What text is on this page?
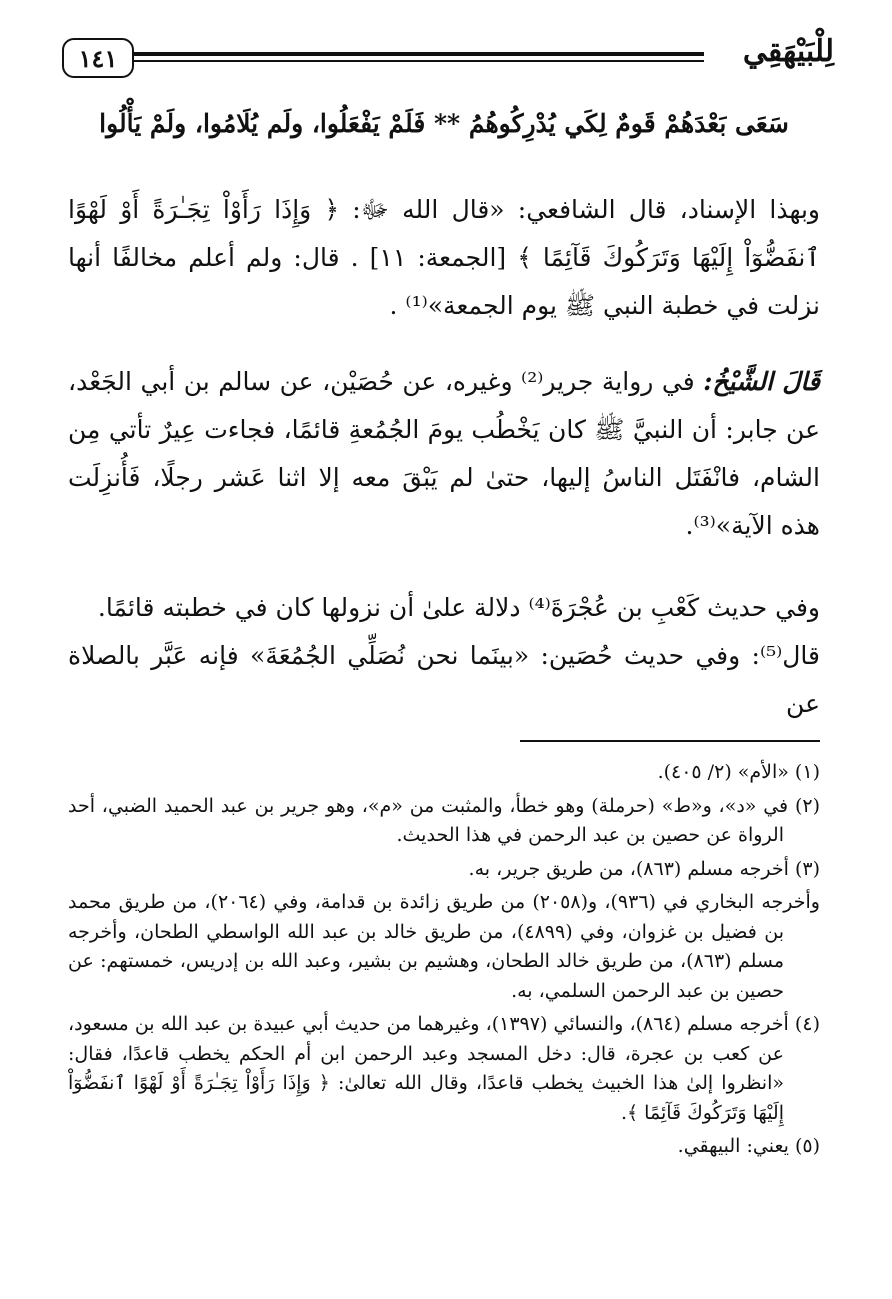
١٤١	لِلْبَيْهَقِي
سَعَى بَعْدَهُمْ قَومٌ لِكَي يُدْرِكُوهُمُ ** فَلَمْ يَفْعَلُوا، ولَم يُلَامُوا، ولَمْ يَأْلُوا

وبهذا الإسناد، قال الشافعي: «قال الله ﷻ: ﴿ وَإِذَا رَأَوْاْ تِجَـٰرَةً أَوْ لَهْوًا ٱنفَضُّوٓاْ إِلَيْهَا وَتَرَكُوكَ قَآئِمًا ﴾ [الجمعة: ١١] . قال: ولم أعلم مخالفًا أنها نزلت في خطبة النبي ﷺ يوم الجمعة»⁽¹⁾ .

قَالَ الشَّيْخُ: في رواية جرير⁽²⁾ وغيره، عن حُصَيْن، عن سالم بن أبي الجَعْد، عن جابر: أن النبيَّ ﷺ كان يَخْطُب يومَ الجُمُعةِ قائمًا، فجاءت عِيرٌ تأتي مِن الشام، فانْفَتَل الناسُ إليها، حتىٰ لم يَبْقَ معه إلا اثنا عَشر رجلًا، فَأُنزِلَت هذه الآية»⁽³⁾.

وفي حديث كَعْبِ بن عُجْرَةَ⁽⁴⁾ دلالة علىٰ أن نزولها كان في خطبته قائمًا.

قال⁽⁵⁾: وفي حديث حُصَين: «بينَما نحن نُصَلِّي الجُمُعَةَ» فإنه عَبَّر بالصلاة عن

(١) «الأم» (٢/ ٤٠٥).

(٢) في «د»، و«ط» (حرملة) وهو خطأ، والمثبت من «م»، وهو جرير بن عبد الحميد الضبي، أحد الرواة عن حصين بن عبد الرحمن في هذا الحديث.

(٣) أخرجه مسلم (٨٦٣)، من طريق جرير، به.

وأخرجه البخاري في (٩٣٦)، و(٢٠٥٨) من طريق زائدة بن قدامة، وفي (٢٠٦٤)، من طريق محمد بن فضيل بن غزوان، وفي (٤٨٩٩)، من طريق خالد بن عبد الله الواسطي الطحان، وأخرجه مسلم (٨٦٣)، من طريق خالد الطحان، وهشيم بن بشير، وعبد الله بن إدريس، خمستهم: عن حصين بن عبد الرحمن السلمي، به.

(٤) أخرجه مسلم (٨٦٤)، والنسائي (١٣٩٧)، وغيرهما من حديث أبي عبيدة بن عبد الله بن مسعود، عن كعب بن عجرة، قال: دخل المسجد وعبد الرحمن ابن أم الحكم يخطب قاعدًا، فقال: «انظروا إلىٰ هذا الخبيث يخطب قاعدًا، وقال الله تعالىٰ: ﴿ وَإِذَا رَأَوْاْ تِجَـٰرَةً أَوْ لَهْوًا ٱنفَضُّوٓاْ إِلَيْهَا وَتَرَكُوكَ قَآئِمًا ﴾.

(٥) يعني: البيهقي.
